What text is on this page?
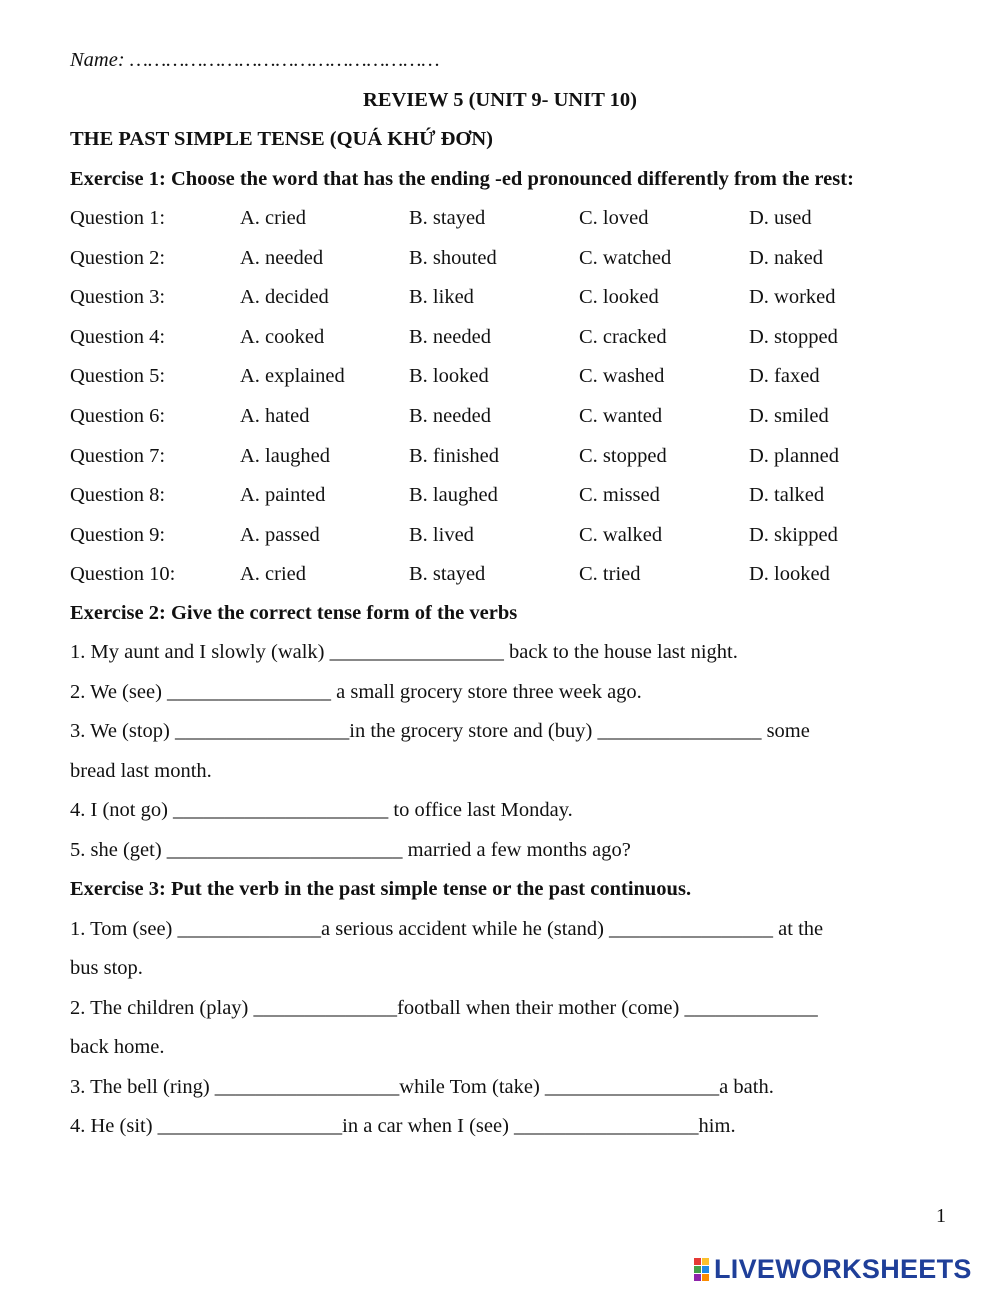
Name: ……………………………………………
REVIEW 5 (UNIT 9- UNIT 10)
THE PAST SIMPLE TENSE (QUÁ KHỨ ĐƠN)
Exercise 1: Choose the word that has the ending -ed pronounced differently from the rest:
Question 1:	A. cried	B. stayed	C. loved	D. used
Question 2:	A. needed	B. shouted	C. watched	D. naked
Question 3:	A. decided	B. liked	C. looked	D. worked
Question 4:	A. cooked	B. needed	C. cracked	D. stopped
Question 5:	A. explained	B. looked	C. washed	D. faxed
Question 6:	A. hated	B. needed	C. wanted	D. smiled
Question 7:	A. laughed	B. finished	C. stopped	D. planned
Question 8:	A. painted	B. laughed	C. missed	D. talked
Question 9:	A. passed	B. lived	C. walked	D. skipped
Question 10:	A. cried	B. stayed	C. tried	D. looked
Exercise 2: Give the correct tense form of the verbs
1. My aunt and I slowly (walk) _________________ back to the house last night.
2. We (see) ________________ a small grocery store three week ago.
3. We (stop) _________________in the grocery store and (buy) ________________ some
bread last month.
4. I (not go) _____________________ to office last Monday.
5. she (get) _______________________ married a few months ago?
Exercise 3: Put the verb in the past simple tense or the past continuous.
1. Tom (see) ______________a serious accident while he (stand) ________________ at the
bus stop.
2. The children (play) ______________football when their mother (come) _____________
back home.
3. The bell (ring) __________________while Tom (take) _________________a bath.
4. He (sit) __________________in a car when I (see) __________________him.
1
LIVEWORKSHEETS
